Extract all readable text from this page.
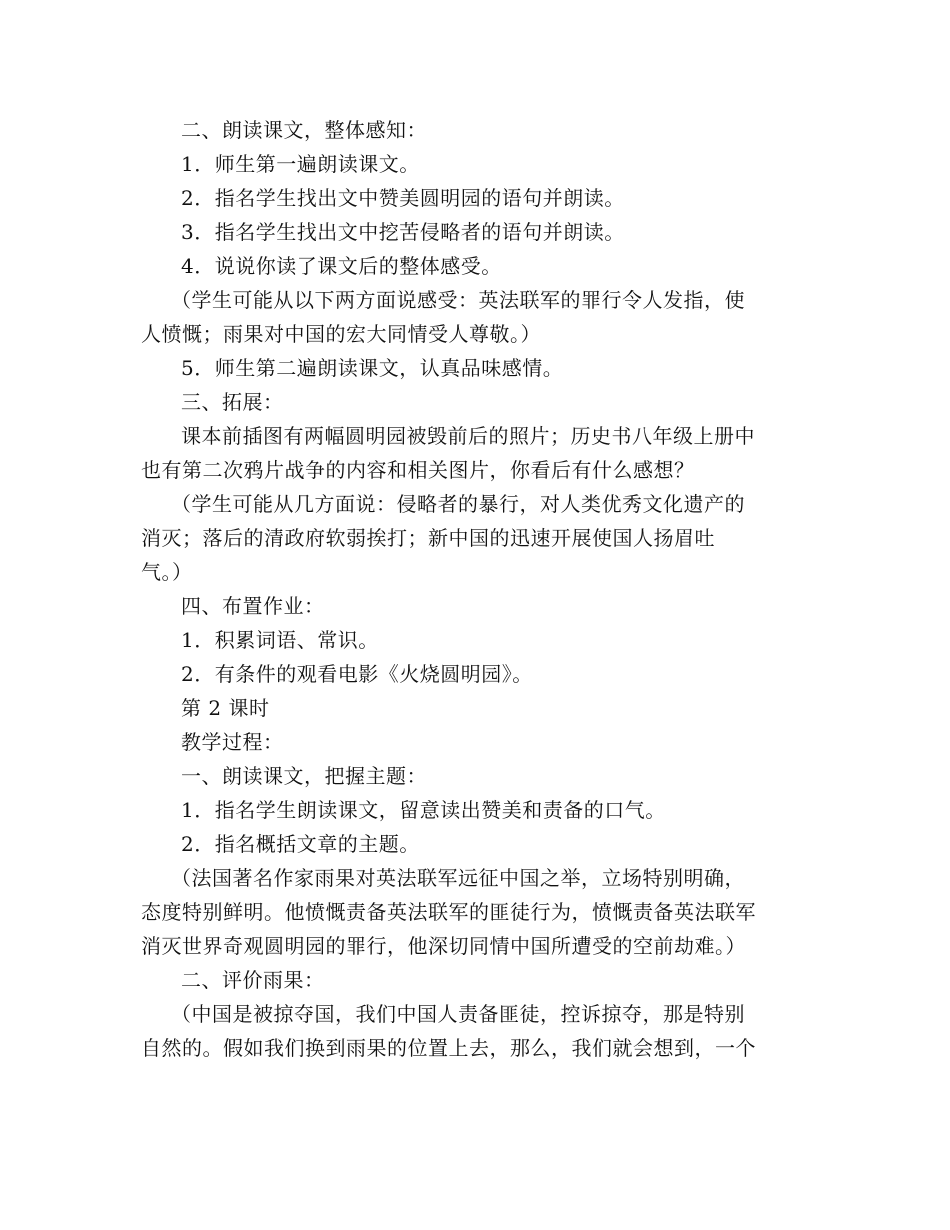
二、朗读课文，整体感知：
1．师生第一遍朗读课文。
2．指名学生找出文中赞美圆明园的语句并朗读。
3．指名学生找出文中挖苦侵略者的语句并朗读。
4．说说你读了课文后的整体感受。
（学生可能从以下两方面说感受：英法联军的罪行令人发指，使
人愤慨；雨果对中国的宏大同情受人尊敬。）
5．师生第二遍朗读课文，认真品味感情。
三、拓展：
课本前插图有两幅圆明园被毁前后的照片；历史书八年级上册中
也有第二次鸦片战争的内容和相关图片，你看后有什么感想？
（学生可能从几方面说：侵略者的暴行，对人类优秀文化遗产的
消灭；落后的清政府软弱挨打；新中国的迅速开展使国人扬眉吐
气。）
四、布置作业：
1．积累词语、常识。
2．有条件的观看电影《火烧圆明园》。
第 2 课时
教学过程：
一、朗读课文，把握主题：
1．指名学生朗读课文，留意读出赞美和责备的口气。
2．指名概括文章的主题。
（法国著名作家雨果对英法联军远征中国之举，立场特别明确，
态度特别鲜明。他愤慨责备英法联军的匪徒行为，愤慨责备英法联军
消灭世界奇观圆明园的罪行，他深切同情中国所遭受的空前劫难。）
二、评价雨果：
（中国是被掠夺国，我们中国人责备匪徒，控诉掠夺，那是特别
自然的。假如我们换到雨果的位置上去，那么，我们就会想到，一个
